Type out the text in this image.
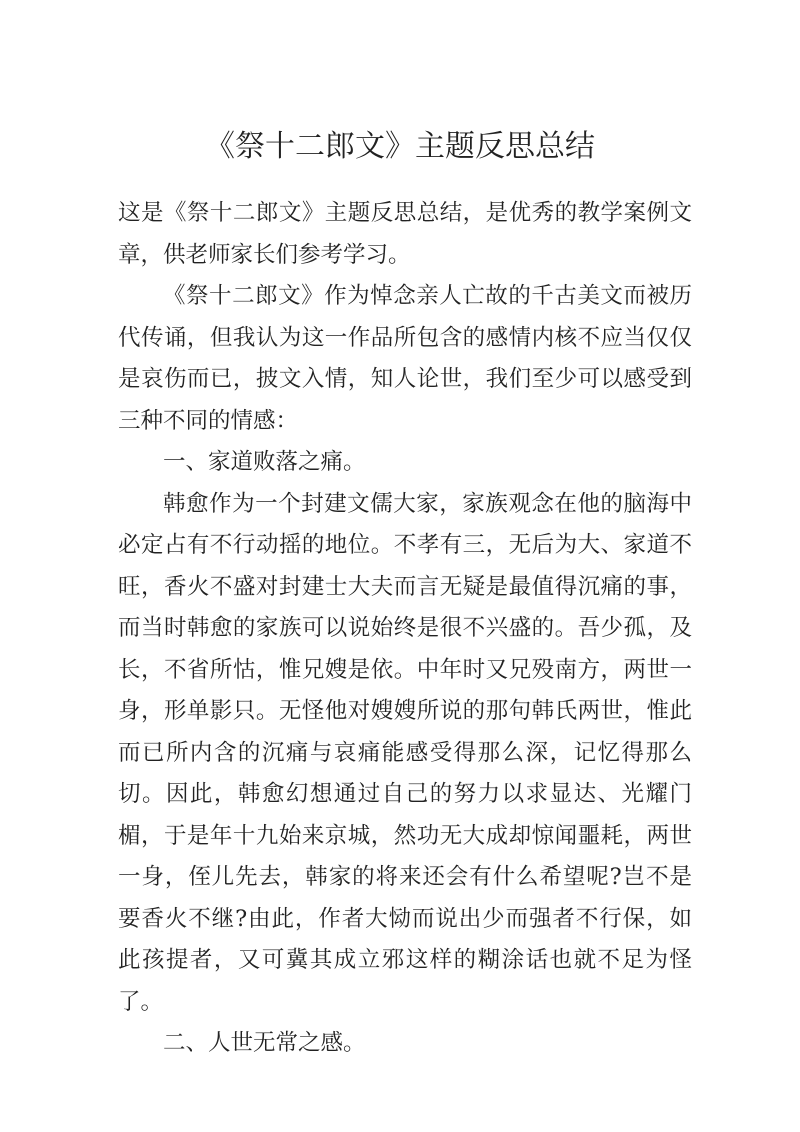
《祭十二郎文》主题反思总结

这是《祭十二郎文》主题反思总结，是优秀的教学案例文章，供老师家长们参考学习。

《祭十二郎文》作为悼念亲人亡故的千古美文而被历代传诵，但我认为这一作品所包含的感情内核不应当仅仅是哀伤而已，披文入情，知人论世，我们至少可以感受到三种不同的情感：

一、家道败落之痛。

韩愈作为一个封建文儒大家，家族观念在他的脑海中必定占有不行动摇的地位。不孝有三，无后为大、家道不旺，香火不盛对封建士大夫而言无疑是最值得沉痛的事，而当时韩愈的家族可以说始终是很不兴盛的。吾少孤，及长，不省所怙，惟兄嫂是依。中年时又兄殁南方，两世一身，形单影只。无怪他对嫂嫂所说的那句韩氏两世，惟此而已所内含的沉痛与哀痛能感受得那么深，记忆得那么切。因此，韩愈幻想通过自己的努力以求显达、光耀门楣，于是年十九始来京城，然功无大成却惊闻噩耗，两世一身，侄儿先去，韩家的将来还会有什么希望呢?岂不是要香火不继?由此，作者大恸而说出少而强者不行保，如此孩提者，又可冀其成立邪这样的糊涂话也就不足为怪了。

二、人世无常之感。
